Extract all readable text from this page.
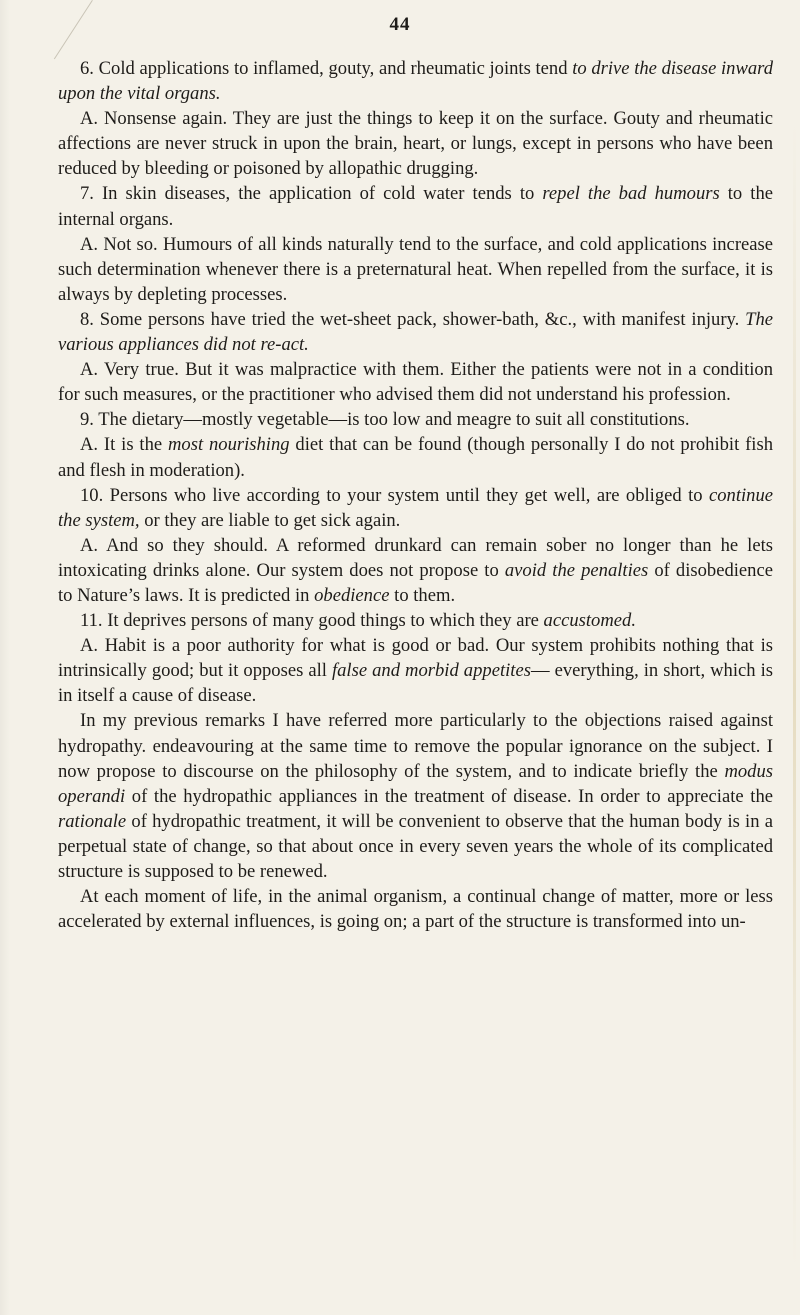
44

6. Cold applications to inflamed, gouty, and rheumatic joints tend to drive the disease inward upon the vital organs.

A. Nonsense again. They are just the things to keep it on the surface. Gouty and rheumatic affections are never struck in upon the brain, heart, or lungs, except in persons who have been reduced by bleeding or poisoned by allopathic drugging.

7. In skin diseases, the application of cold water tends to repel the bad humours to the internal organs.

A. Not so. Humours of all kinds naturally tend to the surface, and cold applications increase such determination whenever there is a preternatural heat. When repelled from the surface, it is always by depleting processes.

8. Some persons have tried the wet-sheet pack, shower-bath, &c., with manifest injury. The various appliances did not re-act.

A. Very true. But it was malpractice with them. Either the patients were not in a condition for such measures, or the practitioner who advised them did not understand his profession.

9. The dietary—mostly vegetable—is too low and meagre to suit all constitutions.

A. It is the most nourishing diet that can be found (though personally I do not prohibit fish and flesh in moderation).

10. Persons who live according to your system until they get well, are obliged to continue the system, or they are liable to get sick again.

A. And so they should. A reformed drunkard can remain sober no longer than he lets intoxicating drinks alone. Our system does not propose to avoid the penalties of disobedience to Nature’s laws. It is predicted in obedience to them.

11. It deprives persons of many good things to which they are accustomed.

A. Habit is a poor authority for what is good or bad. Our system prohibits nothing that is intrinsically good; but it opposes all false and morbid appetites— everything, in short, which is in itself a cause of disease.

In my previous remarks I have referred more particularly to the objections raised against hydropathy. endeavouring at the same time to remove the popular ignorance on the subject. I now propose to discourse on the philosophy of the system, and to indicate briefly the modus operandi of the hydropathic appliances in the treatment of disease. In order to appreciate the rationale of hydropathic treatment, it will be convenient to observe that the human body is in a perpetual state of change, so that about once in every seven years the whole of its complicated structure is supposed to be renewed.

At each moment of life, in the animal organism, a continual change of matter, more or less accelerated by external influences, is going on; a part of the structure is transformed into un-
